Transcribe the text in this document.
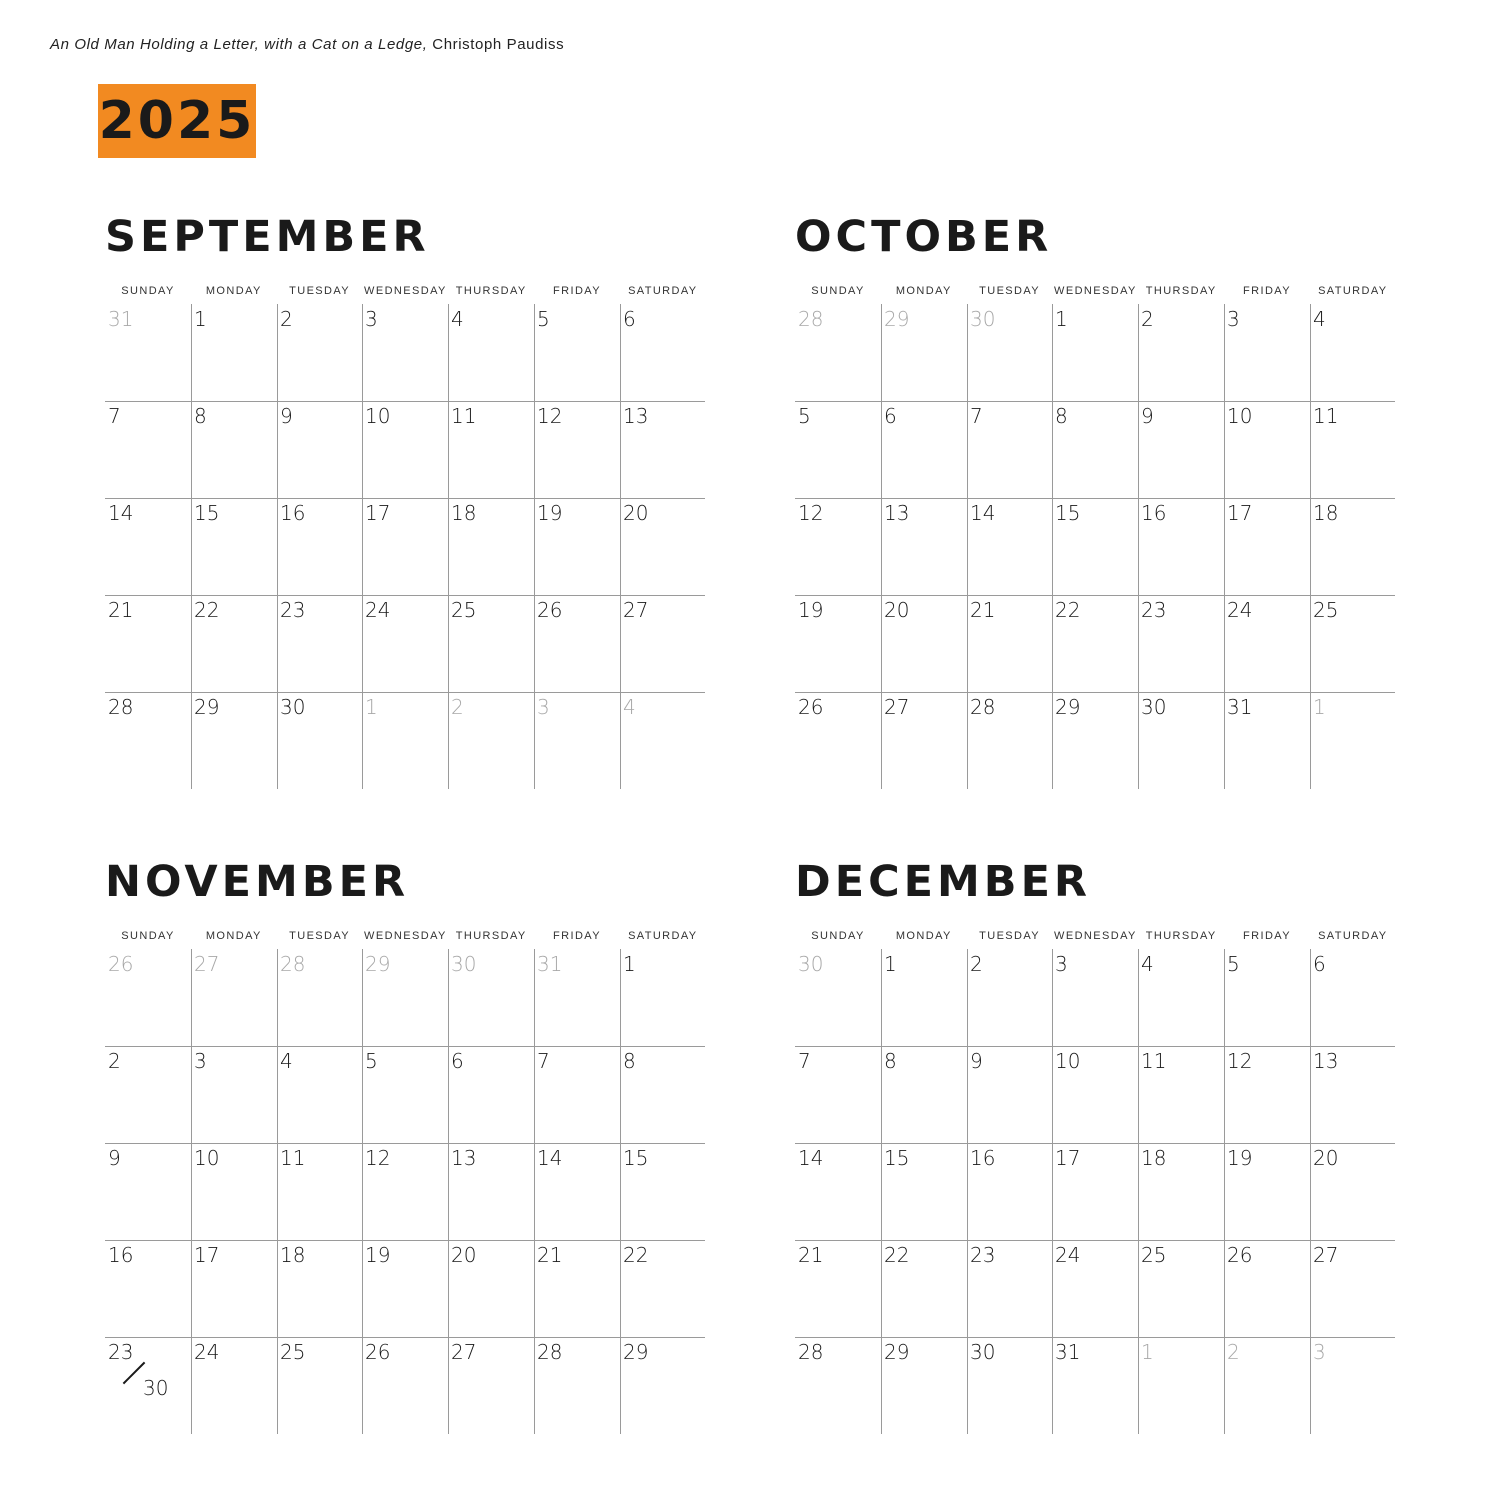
An Old Man Holding a Letter, with a Cat on a Ledge, Christoph Paudiss
2025
SEPTEMBER
SUNDAY	MONDAY	TUESDAY	WEDNESDAY THURSDAY	FRIDAY	SATURDAY
31	1	2	3	4	5	6
7	8	9	10	11	12	13
14	15	16	17	18	19	20
21	22	23	24	25	26	27
28	29	30	1	2	3	4
OCTOBER
SUNDAY	MONDAY	TUESDAY	WEDNESDAY THURSDAY	FRIDAY	SATURDAY
28	29	30	1	2	3	4
5	6	7	8	9	10	11
12	13	14	15	16	17	18
19	20	21	22	23	24	25
26	27	28	29	30	31	1
NOVEMBER
SUNDAY	MONDAY	TUESDAY	WEDNESDAY THURSDAY	FRIDAY	SATURDAY
26	27	28	29	30	31	1
2	3	4	5	6	7	8
9	10	11	12	13	14	15
16	17	18	19	20	21	22
23	24	25	26	27	28	29
30
DECEMBER
SUNDAY	MONDAY	TUESDAY	WEDNESDAY THURSDAY	FRIDAY	SATURDAY
30	1	2	3	4	5	6
7	8	9	10	11	12	13
14	15	16	17	18	19	20
21	22	23	24	25	26	27
28	29	30	31	1	2	3
